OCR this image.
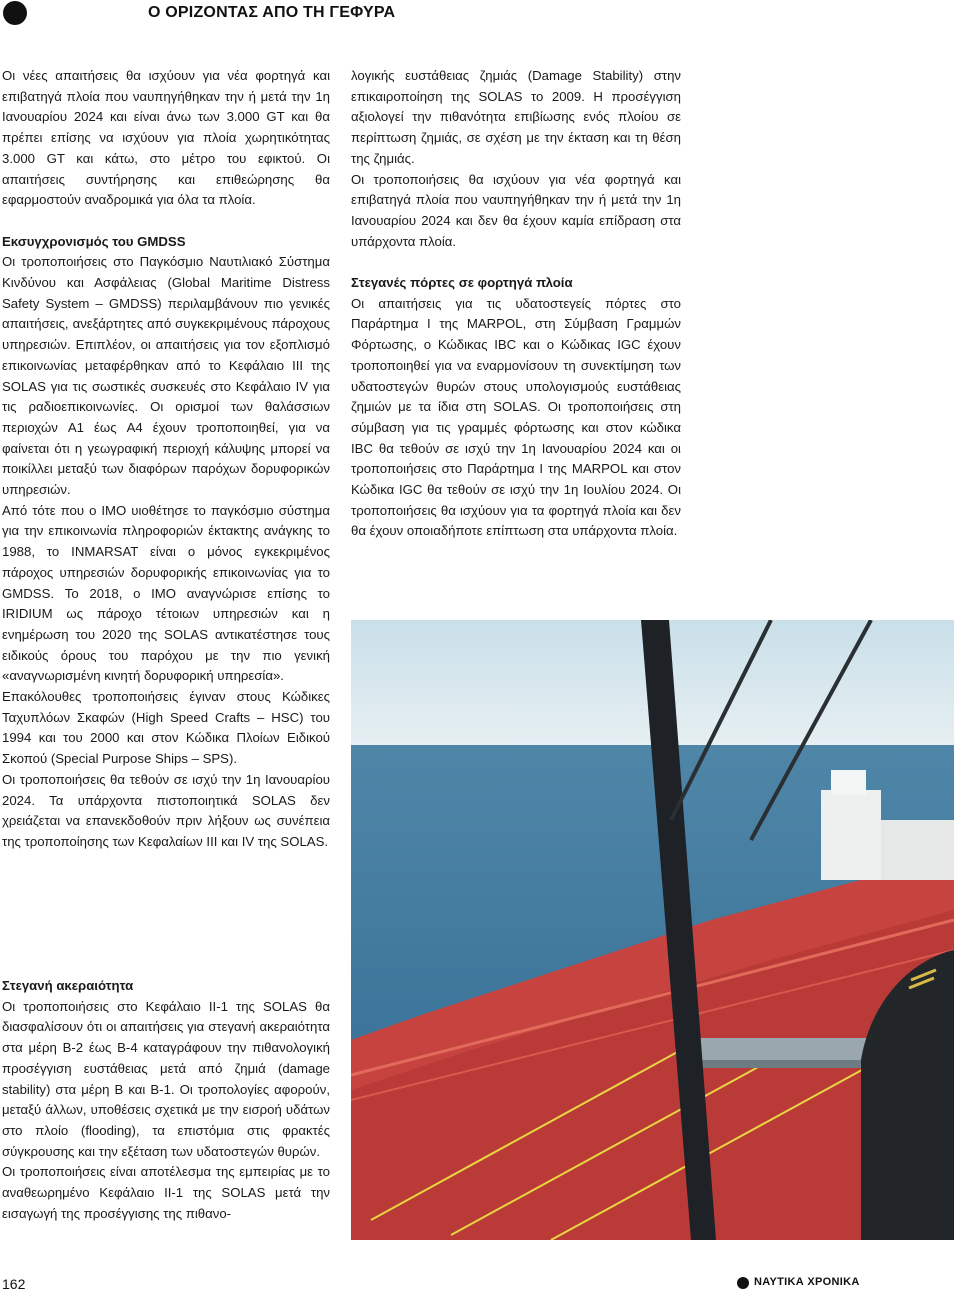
Ο ΟΡΙΖΟΝΤΑΣ ΑΠΟ ΤΗ ΓΕΦΥΡΑ

Οι νέες απαιτήσεις θα ισχύουν για νέα φορτηγά και επιβατηγά πλοία που ναυπηγήθηκαν την ή μετά την 1η Ιανουαρίου 2024 και είναι άνω των 3.000 GT και θα πρέπει επίσης να ισχύουν για πλοία χωρητικότητας 3.000 GT και κάτω, στο μέτρο του εφικτού. Οι απαιτήσεις συντήρησης και επιθεώρησης θα εφαρμοστούν αναδρομικά για όλα τα πλοία.

Εκσυγχρονισμός του GMDSS

Οι τροποποιήσεις στο Παγκόσμιο Ναυτιλιακό Σύστημα Κινδύνου και Ασφάλειας (Global Maritime Distress Safety System – GMDSS) περιλαμβάνουν πιο γενικές απαιτήσεις, ανεξάρτητες από συγκεκριμένους πάροχους υπηρεσιών. Επιπλέον, οι απαιτήσεις για τον εξοπλισμό επικοινωνίας μεταφέρθηκαν από το Κεφάλαιο III της SOLAS για τις σωστικές συσκευές στο Κεφάλαιο IV για τις ραδιοεπικοινωνίες. Οι ορισμοί των θαλάσσιων περιοχών A1 έως A4 έχουν τροποποιηθεί, για να φαίνεται ότι η γεωγραφική περιοχή κάλυψης μπορεί να ποικίλλει μεταξύ των διαφόρων παρόχων δορυφορικών υπηρεσιών.

Από τότε που ο IMO υιοθέτησε το παγκόσμιο σύστημα για την επικοινωνία πληροφοριών έκτακτης ανάγκης το 1988, το INMARSAT είναι ο μόνος εγκεκριμένος πάροχος υπηρεσιών δορυφορικής επικοινωνίας για το GMDSS. Το 2018, ο IMO αναγνώρισε επίσης το IRIDIUM ως πάροχο τέτοιων υπηρεσιών και η ενημέρωση του 2020 της SOLAS αντικατέστησε τους ειδικούς όρους του παρόχου με την πιο γενική «αναγνωρισμένη κινητή δορυφορική υπηρεσία».

Επακόλουθες τροποποιήσεις έγιναν στους Κώδικες Ταχυπλόων Σκαφών (High Speed Crafts – HSC) του 1994 και του 2000 και στον Κώδικα Πλοίων Ειδικού Σκοπού (Special Purpose Ships – SPS).

Οι τροποποιήσεις θα τεθούν σε ισχύ την 1η Ιανουαρίου 2024. Τα υπάρχοντα πιστοποιητικά SOLAS δεν χρειάζεται να επανεκδοθούν πριν λήξουν ως συνέπεια της τροποποίησης των Κεφαλαίων III και IV της SOLAS.

Στεγανή ακεραιότητα

Οι τροποποιήσεις στο Κεφάλαιο II-1 της SOLAS θα διασφαλίσουν ότι οι απαιτήσεις για στεγανή ακεραιότητα στα μέρη B-2 έως B-4 καταγράφουν την πιθανολογική προσέγγιση ευστάθειας μετά από ζημιά (damage stability) στα μέρη B και B-1. Οι τροπολογίες αφορούν, μεταξύ άλλων, υποθέσεις σχετικά με την εισροή υδάτων στο πλοίο (flooding), τα επιστόμια στις φρακτές σύγκρουσης και την εξέταση των υδατοστεγών θυρών.

Οι τροποποιήσεις είναι αποτέλεσμα της εμπειρίας με το αναθεωρημένο Κεφάλαιο II-1 της SOLAS μετά την εισαγωγή της προσέγγισης της πιθανο-

λογικής ευστάθειας ζημιάς (Damage Stability) στην επικαιροποίηση της SOLAS το 2009. Η προσέγγιση αξιολογεί την πιθανότητα επιβίωσης ενός πλοίου σε περίπτωση ζημιάς, σε σχέση με την έκταση και τη θέση της ζημιάς.

Οι τροποποιήσεις θα ισχύουν για νέα φορτηγά και επιβατηγά πλοία που ναυπηγήθηκαν την ή μετά την 1η Ιανουαρίου 2024 και δεν θα έχουν καμία επίδραση στα υπάρχοντα πλοία.

Στεγανές πόρτες σε φορτηγά πλοία

Οι απαιτήσεις για τις υδατοστεγείς πόρτες στο Παράρτημα I της MARPOL, στη Σύμβαση Γραμμών Φόρτωσης, ο Κώδικας IBC και ο Κώδικας IGC έχουν τροποποιηθεί για να εναρμονίσουν τη συνεκτίμηση των υδατοστεγών θυρών στους υπολογισμούς ευστάθειας ζημιών με τα ίδια στη SOLAS. Οι τροποποιήσεις στη σύμβαση για τις γραμμές φόρτωσης και στον κώδικα IBC θα τεθούν σε ισχύ την 1η Ιανουαρίου 2024 και οι τροποποιήσεις στο Παράρτημα I της MARPOL και στον Κώδικα IGC θα τεθούν σε ισχύ την 1η Ιουλίου 2024. Οι τροποποιήσεις θα ισχύουν για τα φορτηγά πλοία και δεν θα έχουν οποιαδήποτε επίπτωση στα υπάρχοντα πλοία.

162	ΝΑΥΤΙΚΑ ΧΡΟΝΙΚΑ
